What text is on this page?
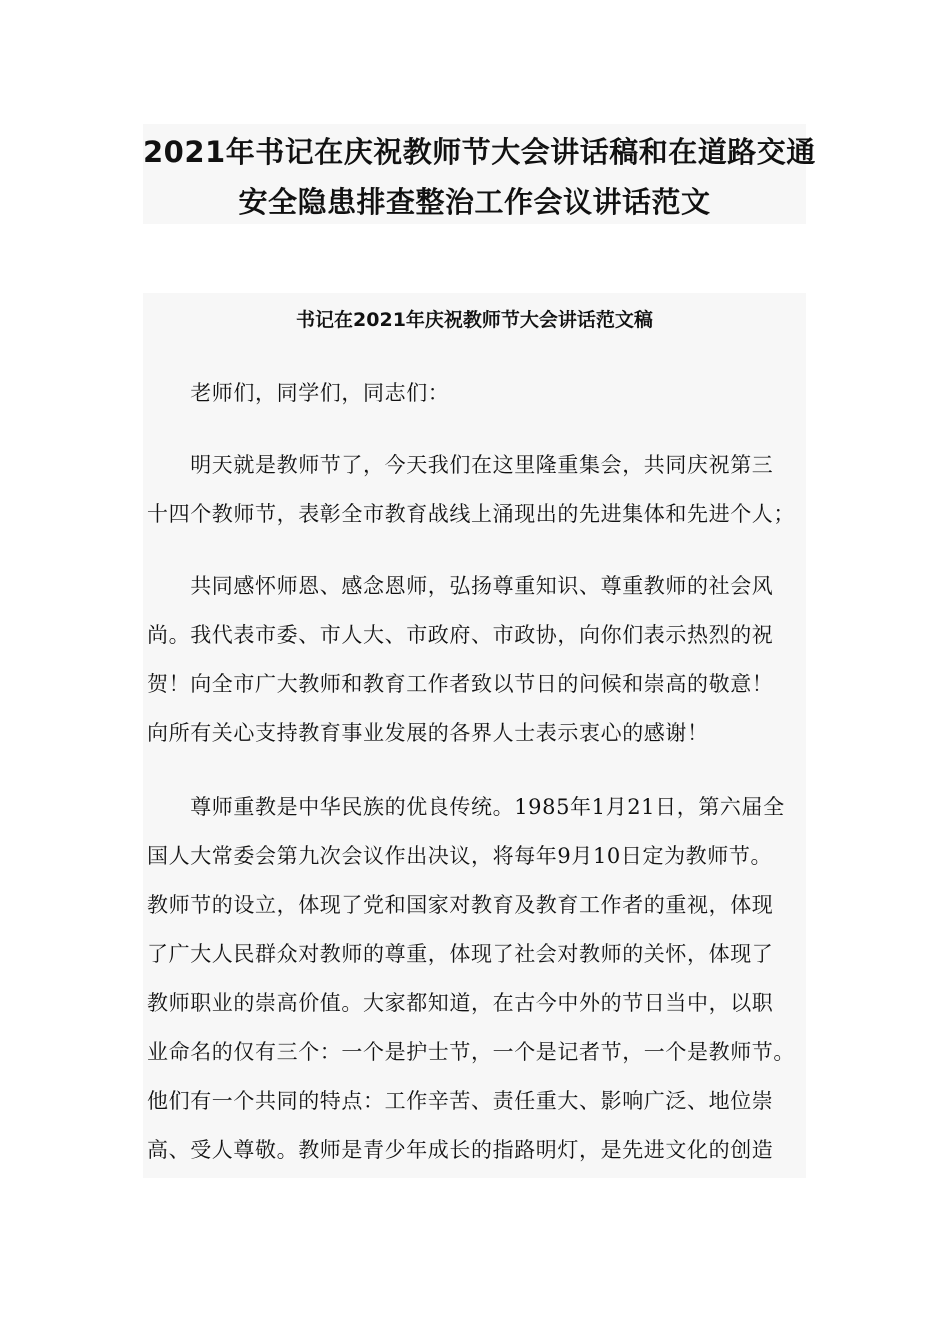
2021年书记在庆祝教师节大会讲话稿和在道路交通
安全隐患排查整治工作会议讲话范文
书记在2021年庆祝教师节大会讲话范文稿
　　老师们，同学们，同志们：
　　明天就是教师节了，今天我们在这里隆重集会，共同庆祝第三
十四个教师节，表彰全市教育战线上涌现出的先进集体和先进个人；
　　共同感怀师恩、感念恩师，弘扬尊重知识、尊重教师的社会风
尚。我代表市委、市人大、市政府、市政协，向你们表示热烈的祝
贺！向全市广大教师和教育工作者致以节日的问候和崇高的敬意！
向所有关心支持教育事业发展的各界人士表示衷心的感谢！
　　尊师重教是中华民族的优良传统。1985年1月21日，第六届全
国人大常委会第九次会议作出决议，将每年9月10日定为教师节。
教师节的设立，体现了党和国家对教育及教育工作者的重视，体现
了广大人民群众对教师的尊重，体现了社会对教师的关怀，体现了
教师职业的崇高价值。大家都知道，在古今中外的节日当中，以职
业命名的仅有三个：一个是护士节，一个是记者节，一个是教师节。
他们有一个共同的特点：工作辛苦、责任重大、影响广泛、地位崇
高、受人尊敬。教师是青少年成长的指路明灯，是先进文化的创造
